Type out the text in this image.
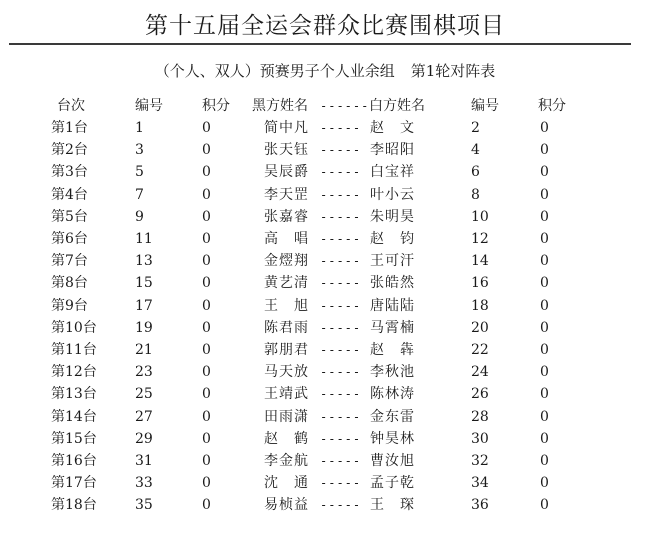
第十五届全运会群众比赛围棋项目
（个人、双人）预赛男子个人业余组 第1轮对阵表
台次	编号	积分 黑方姓名 ------ 白方姓名	编号	积分
第1台	1	0	简中凡 ----- 赵　文	2	0
第2台	3	0	张天钰 ----- 李昭阳	4	0
第3台	5	0	吴辰爵 ----- 白宝祥	6	0
第4台	7	0	李天罡 ----- 叶小云	8	0
第5台	9	0	张嘉睿 ----- 朱明昊	10	0
第6台	11	0	高　唱 ----- 赵　钧	12	0
第7台	13	0	金熤翔 ----- 王可汗	14	0
第8台	15	0	黄艺清 ----- 张皓然	16	0
第9台	17	0	王　旭 ----- 唐陆陆	18	0
第10台	19	0	陈君雨 ----- 马霄楠	20	0
第11台	21	0	郭朋君 ----- 赵　犇	22	0
第12台	23	0	马天放 ----- 李秋池	24	0
第13台	25	0	王靖武 ----- 陈林涛	26	0
第14台	27	0	田雨潇 ----- 金东雷	28	0
第15台	29	0	赵　鹤 ----- 钟昊林	30	0
第16台	31	0	李金航 ----- 曹汝旭	32	0
第17台	33	0	沈　通 ----- 孟子乾	34	0
第18台	35	0	易桢益 ----- 王　琛	36	0
